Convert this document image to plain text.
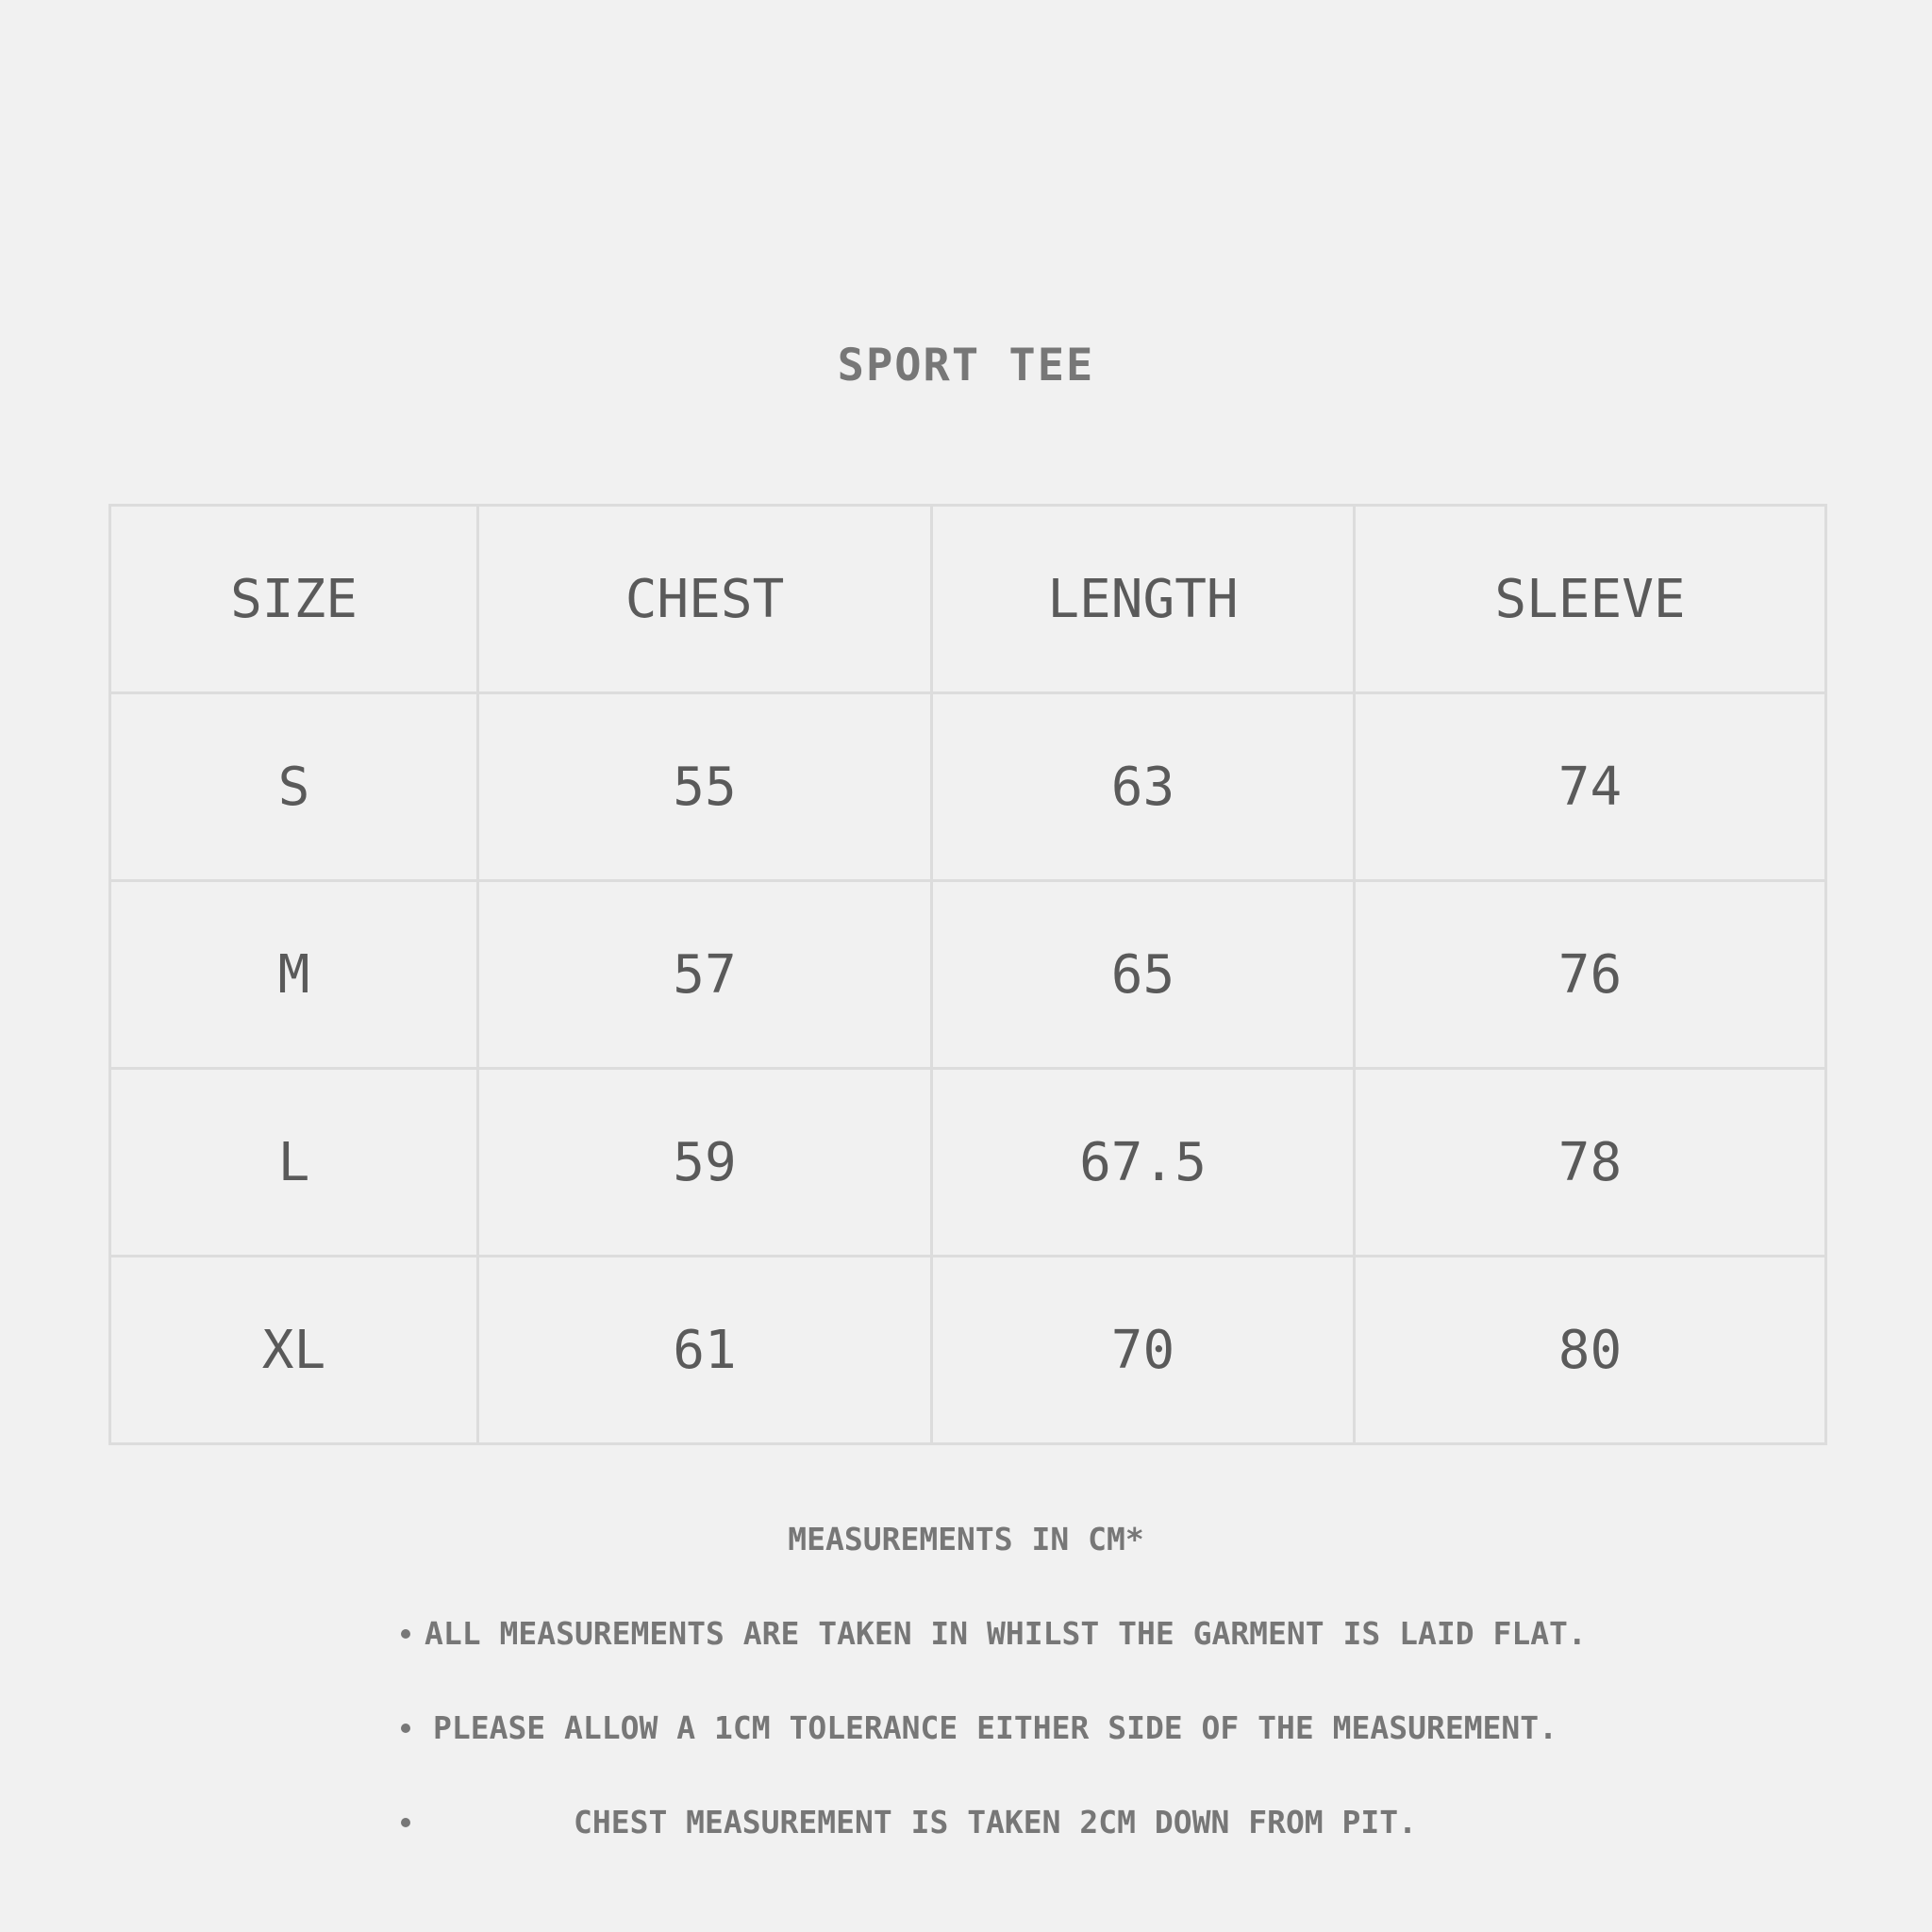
SPORT TEE
SIZE	CHEST	LENGTH	SLEEVE
S	55	63	74
M	57	65	76
L	59	67.5	78
XL	61	70	80
MEASUREMENTS IN CM*
ALL MEASUREMENTS ARE TAKEN IN WHILST THE GARMENT IS LAID FLAT.
PLEASE ALLOW A 1CM TOLERANCE EITHER SIDE OF THE MEASUREMENT.
CHEST MEASUREMENT IS TAKEN 2CM DOWN FROM PIT.
